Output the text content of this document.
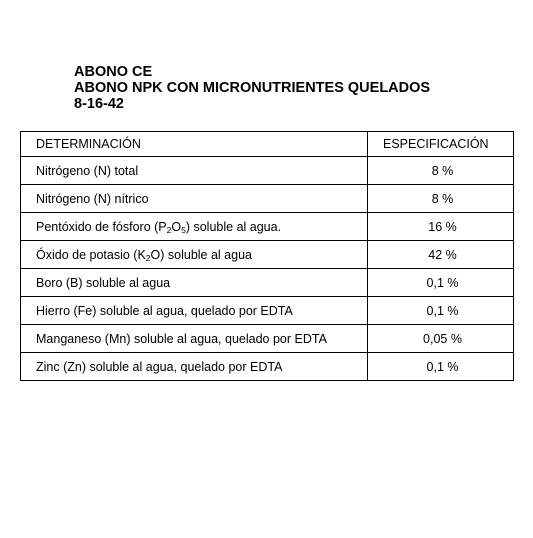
ABONO CE
ABONO NPK CON MICRONUTRIENTES QUELADOS
8-16-42
DETERMINACIÓN	ESPECIFICACIÓN
Nitrógeno (N) total	8 %
Nitrógeno (N) nítrico	8 %
Pentóxido de fósforo $(P_2O_5)$ soluble al agua.	16 %
Óxido de potasio $(K_2O)$ soluble al agua	42 %
Boro (B) soluble al agua	0,1 %
Hierro (Fe) soluble al agua, quelado por EDTA	0,1 %
Manganeso (Mn) soluble al agua, quelado por EDTA	0,05 %
Zinc (Zn) soluble al agua, quelado por EDTA	0,1 %
